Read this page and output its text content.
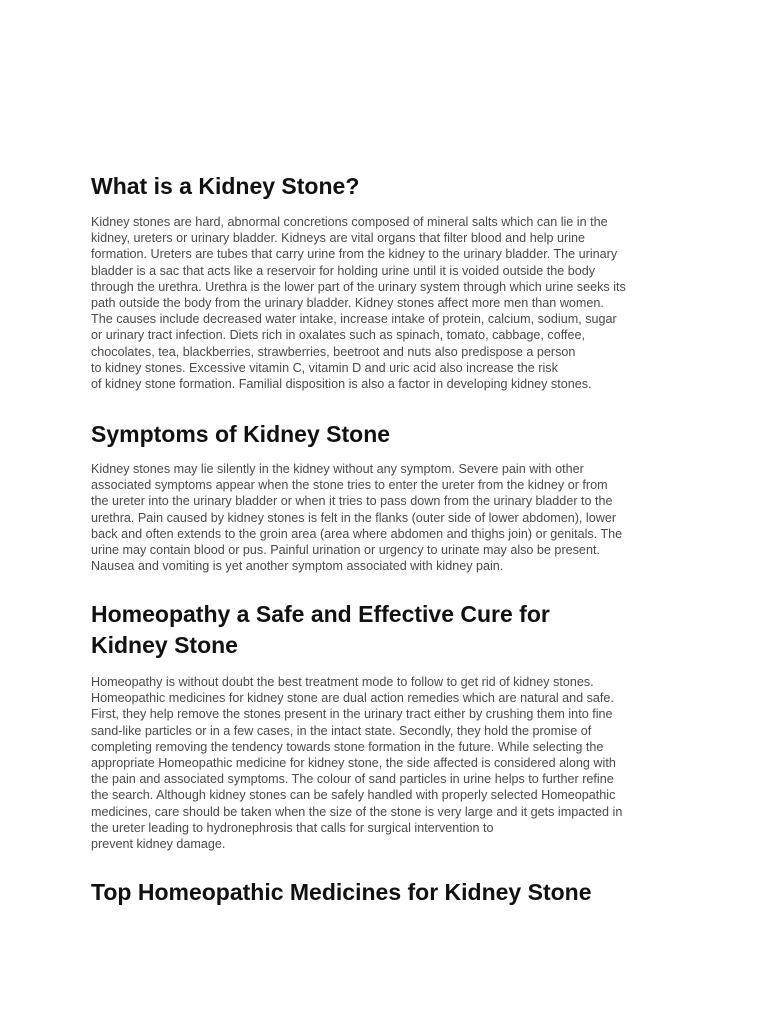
What is a Kidney Stone?

Kidney stones are hard, abnormal concretions composed of mineral salts which can lie in the
kidney, ureters or urinary bladder. Kidneys are vital organs that filter blood and help urine
formation. Ureters are tubes that carry urine from the kidney to the urinary bladder. The urinary
bladder is a sac that acts like a reservoir for holding urine until it is voided outside the body
through the urethra. Urethra is the lower part of the urinary system through which urine seeks its
path outside the body from the urinary bladder. Kidney stones affect more men than women.
The causes include decreased water intake, increase intake of protein, calcium, sodium, sugar
or urinary tract infection. Diets rich in oxalates such as spinach, tomato, cabbage, coffee,
chocolates, tea, blackberries, strawberries, beetroot and nuts also predispose a person
to kidney stones. Excessive vitamin C, vitamin D and uric acid also increase the risk
of kidney stone formation. Familial disposition is also a factor in developing kidney stones.

Symptoms of Kidney Stone

Kidney stones may lie silently in the kidney without any symptom. Severe pain with other
associated symptoms appear when the stone tries to enter the ureter from the kidney or from
the ureter into the urinary bladder or when it tries to pass down from the urinary bladder to the
urethra. Pain caused by kidney stones is felt in the flanks (outer side of lower abdomen), lower
back and often extends to the groin area (area where abdomen and thighs join) or genitals. The
urine may contain blood or pus. Painful urination or urgency to urinate may also be present.
Nausea and vomiting is yet another symptom associated with kidney pain.

Homeopathy a Safe and Effective Cure for
Kidney Stone

Homeopathy is without doubt the best treatment mode to follow to get rid of kidney stones.
Homeopathic medicines for kidney stone are dual action remedies which are natural and safe.
First, they help remove the stones present in the urinary tract either by crushing them into fine
sand-like particles or in a few cases, in the intact state. Secondly, they hold the promise of
completing removing the tendency towards stone formation in the future. While selecting the
appropriate Homeopathic medicine for kidney stone, the side affected is considered along with
the pain and associated symptoms. The colour of sand particles in urine helps to further refine
the search. Although kidney stones can be safely handled with properly selected Homeopathic
medicines, care should be taken when the size of the stone is very large and it gets impacted in
the ureter leading to hydronephrosis that calls for surgical intervention to
prevent kidney damage.

Top Homeopathic Medicines for Kidney Stone
